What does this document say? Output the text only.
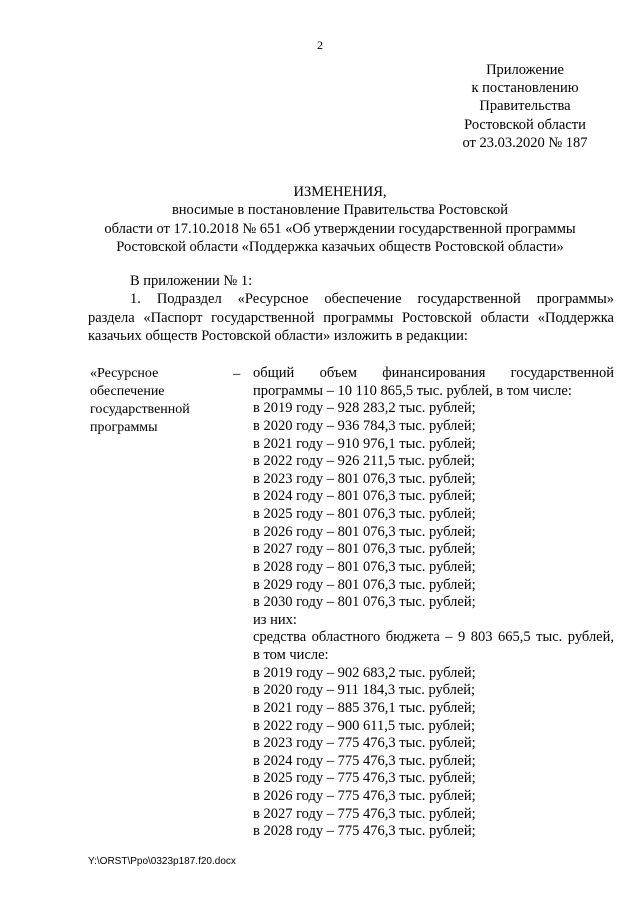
2
Приложение
к постановлению
Правительства
Ростовской области
от 23.03.2020 № 187
ИЗМЕНЕНИЯ,
вносимые в постановление Правительства Ростовской
области от 17.10.2018 № 651 «Об утверждении государственной программы
Ростовской области «Поддержка казачьих обществ Ростовской области»
В приложении № 1:
1. Подраздел «Ресурсное обеспечение государственной программы»
раздела «Паспорт государственной программы Ростовской области «Поддержка
казачьих обществ Ростовской области» изложить в редакции:
«Ресурсное
обеспечение
государственной
программы
– общий объем финансирования государственной
программы – 10 110 865,5 тыс. рублей, в том числе:
в 2019 году – 928 283,2 тыс. рублей;
в 2020 году – 936 784,3 тыс. рублей;
в 2021 году – 910 976,1 тыс. рублей;
в 2022 году – 926 211,5 тыс. рублей;
в 2023 году – 801 076,3 тыс. рублей;
в 2024 году – 801 076,3 тыс. рублей;
в 2025 году – 801 076,3 тыс. рублей;
в 2026 году – 801 076,3 тыс. рублей;
в 2027 году – 801 076,3 тыс. рублей;
в 2028 году – 801 076,3 тыс. рублей;
в 2029 году – 801 076,3 тыс. рублей;
в 2030 году – 801 076,3 тыс. рублей;
из них:
средства областного бюджета – 9 803 665,5 тыс. рублей,
в том числе:
в 2019 году – 902 683,2 тыс. рублей;
в 2020 году – 911 184,3 тыс. рублей;
в 2021 году – 885 376,1 тыс. рублей;
в 2022 году – 900 611,5 тыс. рублей;
в 2023 году – 775 476,3 тыс. рублей;
в 2024 году – 775 476,3 тыс. рублей;
в 2025 году – 775 476,3 тыс. рублей;
в 2026 году – 775 476,3 тыс. рублей;
в 2027 году – 775 476,3 тыс. рублей;
в 2028 году – 775 476,3 тыс. рублей;
Y:\ORST\Ppo\0323p187.f20.docx
